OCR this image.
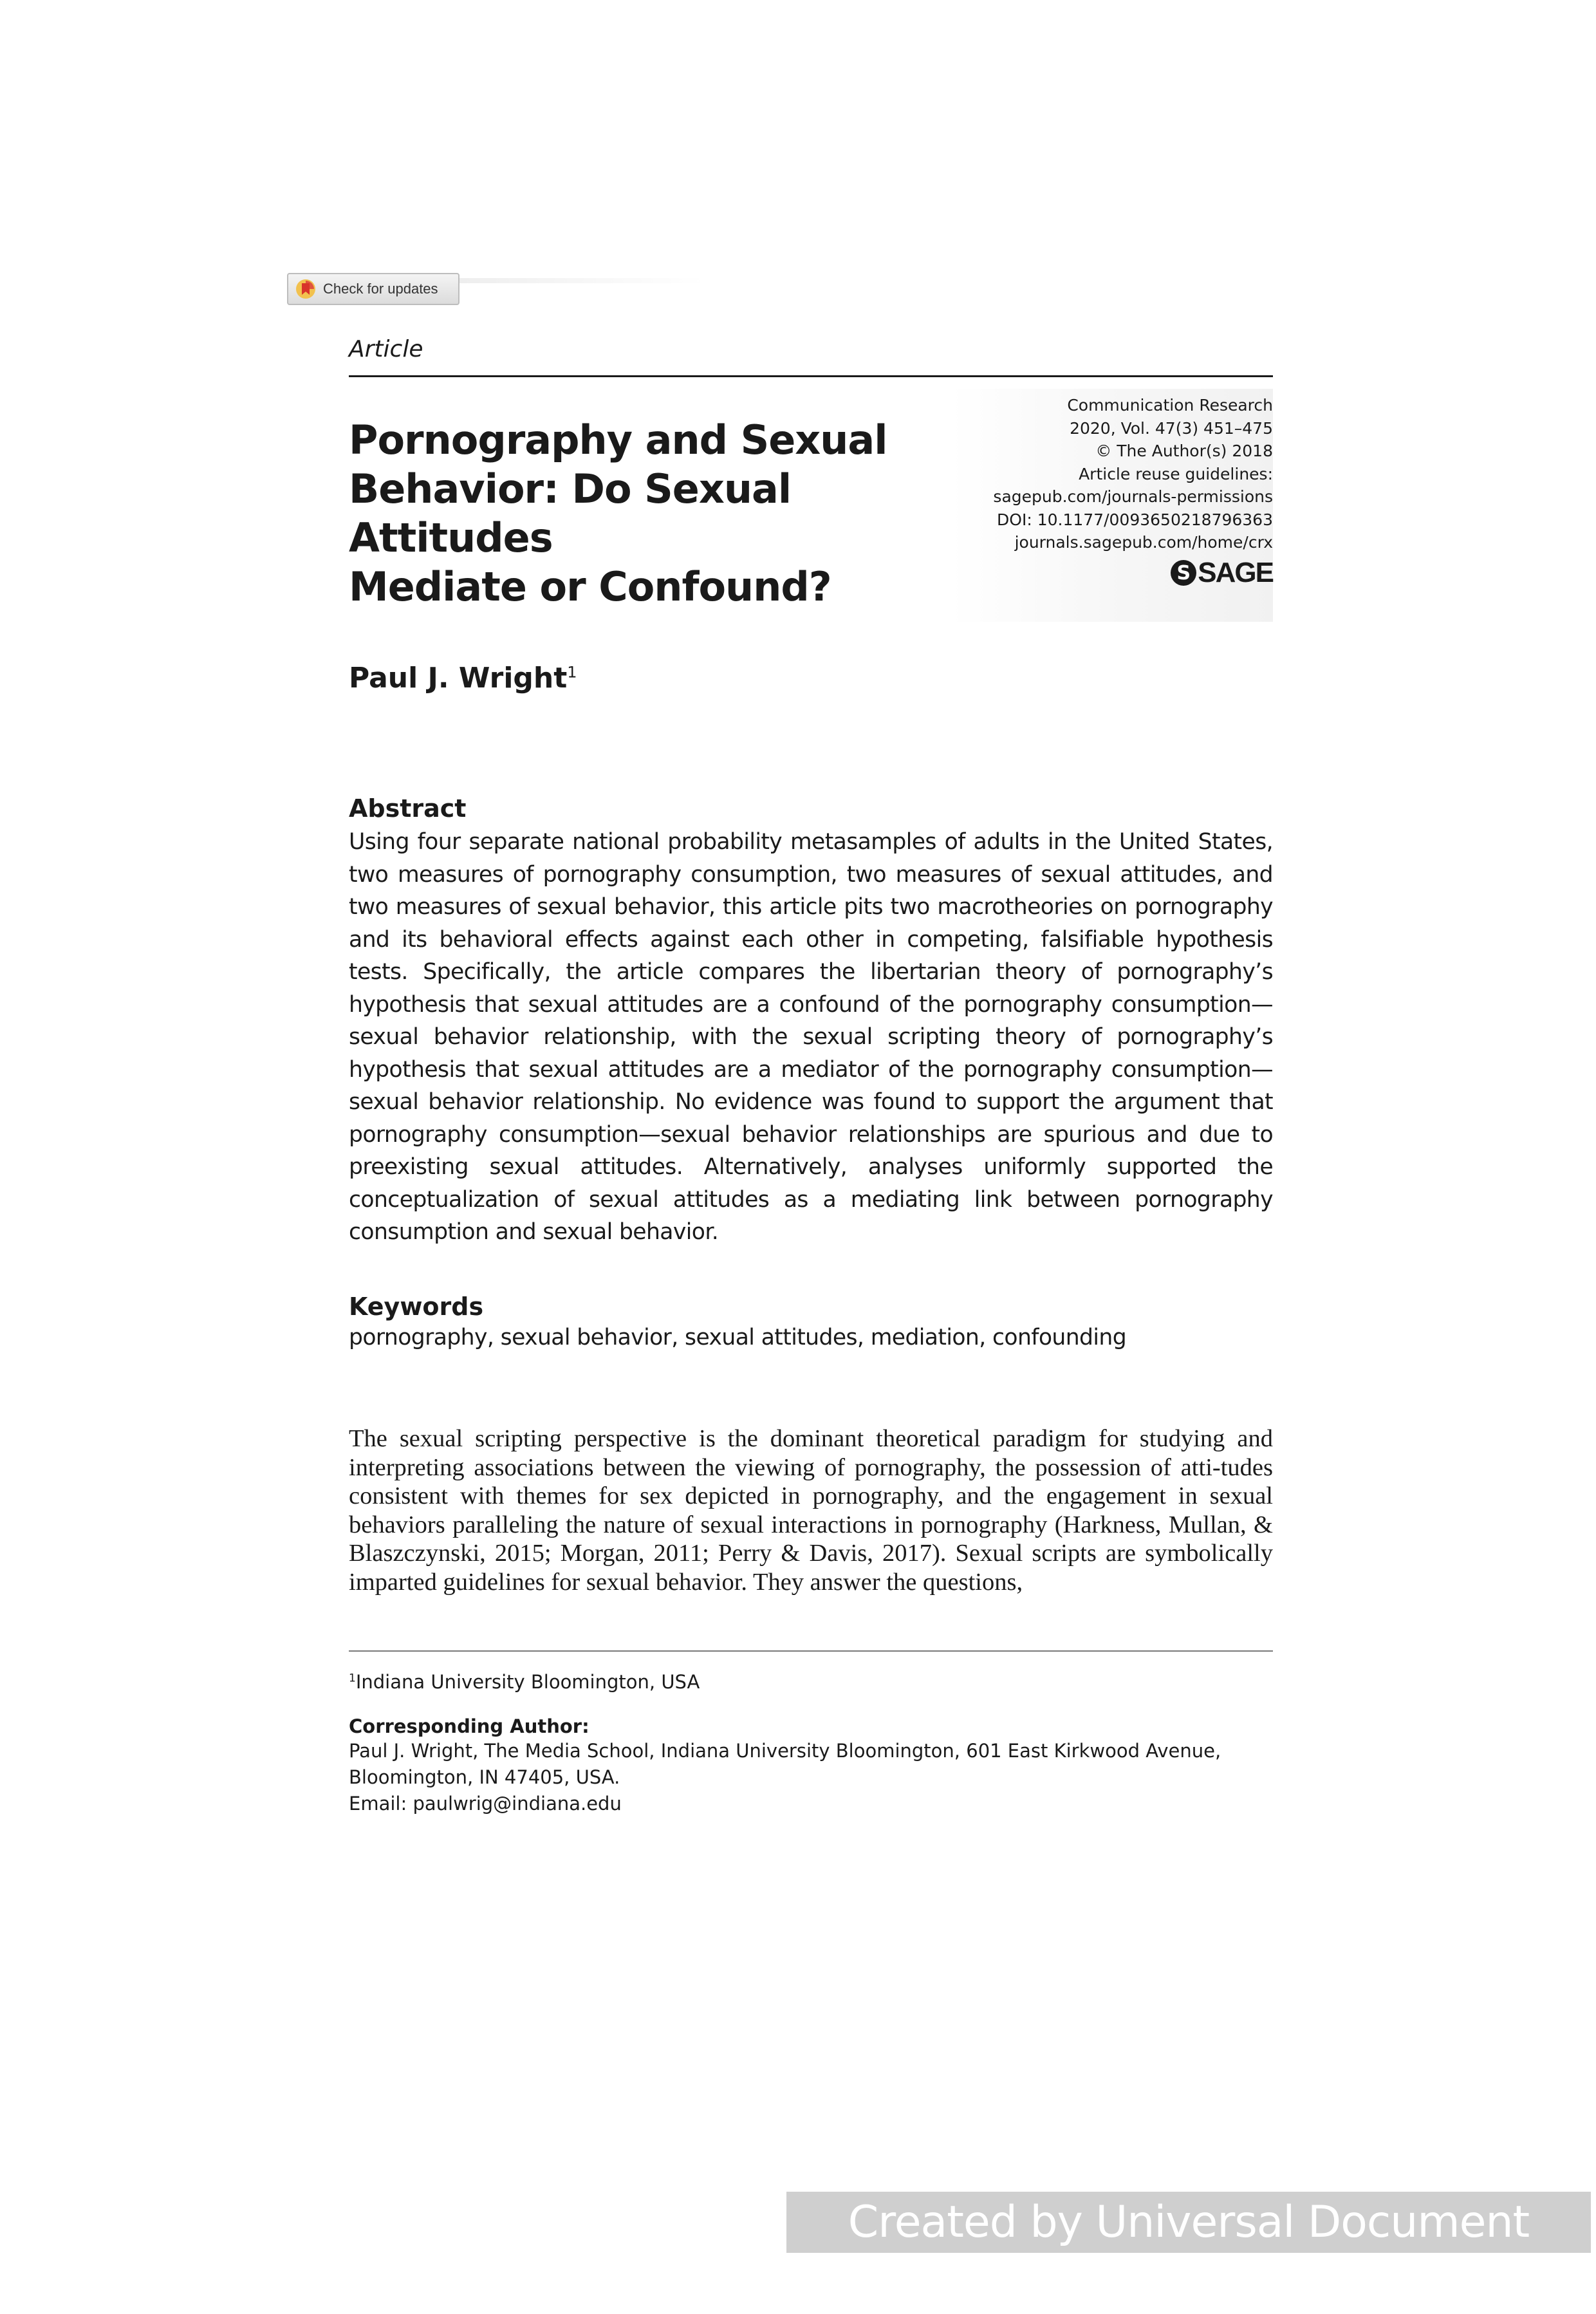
Check for updates
Article
Communication Research
2020, Vol. 47(3) 451–475
© The Author(s) 2018
Article reuse guidelines:
sagepub.com/journals-permissions
DOI: 10.1177/0093650218796363
journals.sagepub.com/home/crx
S SAGE
Pornography and Sexual
Behavior: Do Sexual Attitudes
Mediate or Confound?
Paul J. Wright$^1$
Abstract

Using four separate national probability metasamples of adults in the United States, two measures of pornography consumption, two measures of sexual attitudes, and two measures of sexual behavior, this article pits two macrotheories on pornography and its behavioral effects against each other in competing, falsifiable hypothesis tests. Specifically, the article compares the libertarian theory of pornography’s hypothesis that sexual attitudes are a confound of the pornography consumption—sexual behavior relationship, with the sexual scripting theory of pornography’s hypothesis that sexual attitudes are a mediator of the pornography consumption—sexual behavior relationship. No evidence was found to support the argument that pornography consumption—sexual behavior relationships are spurious and due to preexisting sexual attitudes. Alternatively, analyses uniformly supported the conceptualization of sexual attitudes as a mediating link between pornography consumption and sexual behavior.

Keywords
pornography, sexual behavior, sexual attitudes, mediation, confounding

The sexual scripting perspective is the dominant theoretical paradigm for studying and interpreting associations between the viewing of pornography, the possession of atti-tudes consistent with themes for sex depicted in pornography, and the engagement in sexual behaviors paralleling the nature of sexual interactions in pornography (Harkness, Mullan, & Blaszczynski, 2015; Morgan, 2011; Perry & Davis, 2017). Sexual scripts are symbolically imparted guidelines for sexual behavior. They answer the questions,

$^1$Indiana University Bloomington, USA
Corresponding Author:
Paul J. Wright, The Media School, Indiana University Bloomington, 601 East Kirkwood Avenue,
Bloomington, IN 47405, USA.
Email: paulwrig@indiana.edu
Created by Universal Document Converter
